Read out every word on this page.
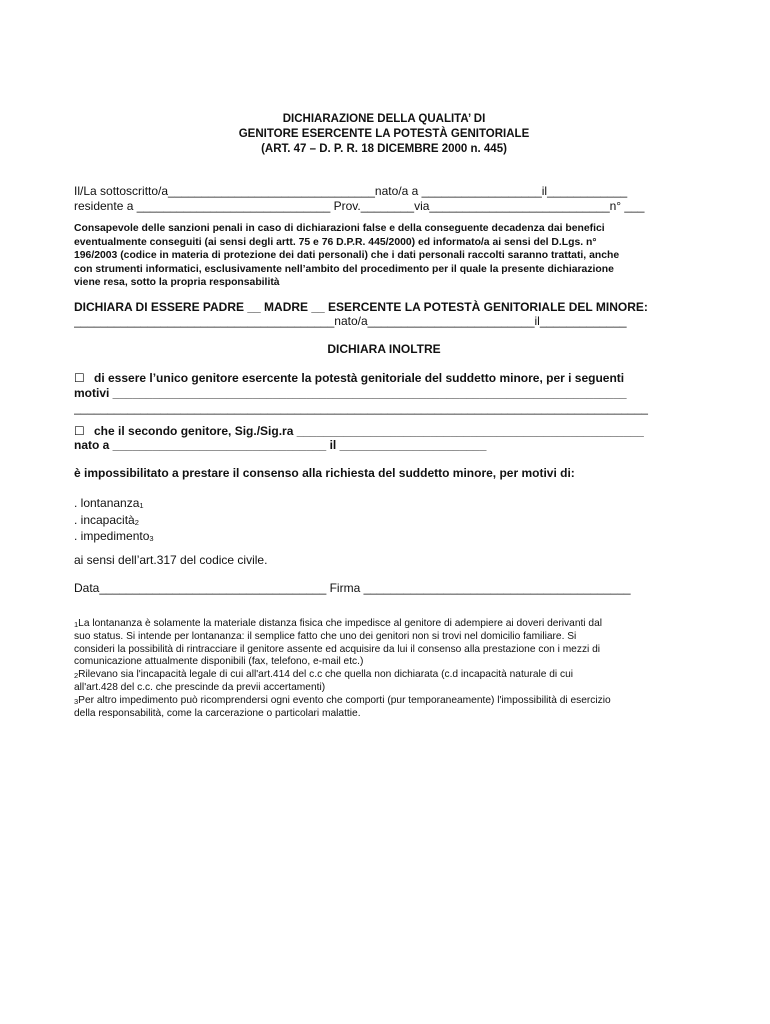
DICHIARAZIONE DELLA QUALITA’ DI
GENITORE ESERCENTE LA POTESTÀ GENITORIALE
(ART. 47 – D. P. R. 18 DICEMBRE 2000 n. 445)
Il/La sottoscritto/a_______________________________nato/a a __________________il____________
residente a _____________________________ Prov.________via___________________________n° ___
Consapevole delle sanzioni penali in caso di dichiarazioni false e della conseguente decadenza dai benefici
eventualmente conseguiti (ai sensi degli artt. 75 e 76 D.P.R. 445/2000) ed informato/a ai sensi del D.Lgs. n°
196/2003 (codice in materia di protezione dei dati personali) che i dati personali raccolti saranno trattati, anche
con strumenti informatici, esclusivamente nell’ambito del procedimento per il quale la presente dichiarazione
viene resa, sotto la propria responsabilità
DICHIARA DI ESSERE PADRE __ MADRE __ ESERCENTE LA POTESTÀ GENITORIALE DEL MINORE:
_______________________________________nato/a_________________________il_____________
DICHIARA INOLTRE
☐ di essere l’unico genitore esercente la potestà genitoriale del suddetto minore, per i seguenti
motivi _____________________________________________________________________________
______________________________________________________________________________________
☐ che il secondo genitore, Sig./Sig.ra ____________________________________________________
nato a ________________________________ il ______________________
è impossibilitato a prestare il consenso alla richiesta del suddetto minore, per motivi di:
. lontananza1
. incapacità2
. impedimento3
ai sensi dell’art.317 del codice civile.
Data__________________________________ Firma ________________________________________
1La lontananza è solamente la materiale distanza fisica che impedisce al genitore di adempiere ai doveri derivanti dal
suo status. Si intende per lontananza: il semplice fatto che uno dei genitori non si trovi nel domicilio familiare. Si
consideri la possibilità di rintracciare il genitore assente ed acquisire da lui il consenso alla prestazione con i mezzi di
comunicazione attualmente disponibili (fax, telefono, e-mail etc.)
2Rilevano sia l'incapacità legale di cui all'art.414 del c.c che quella non dichiarata (c.d incapacità naturale di cui
all'art.428 del c.c. che prescinde da previi accertamenti)
3Per altro impedimento può ricomprendersi ogni evento che comporti (pur temporaneamente) l'impossibilità di esercizio
della responsabilità, come la carcerazione o particolari malattie.
